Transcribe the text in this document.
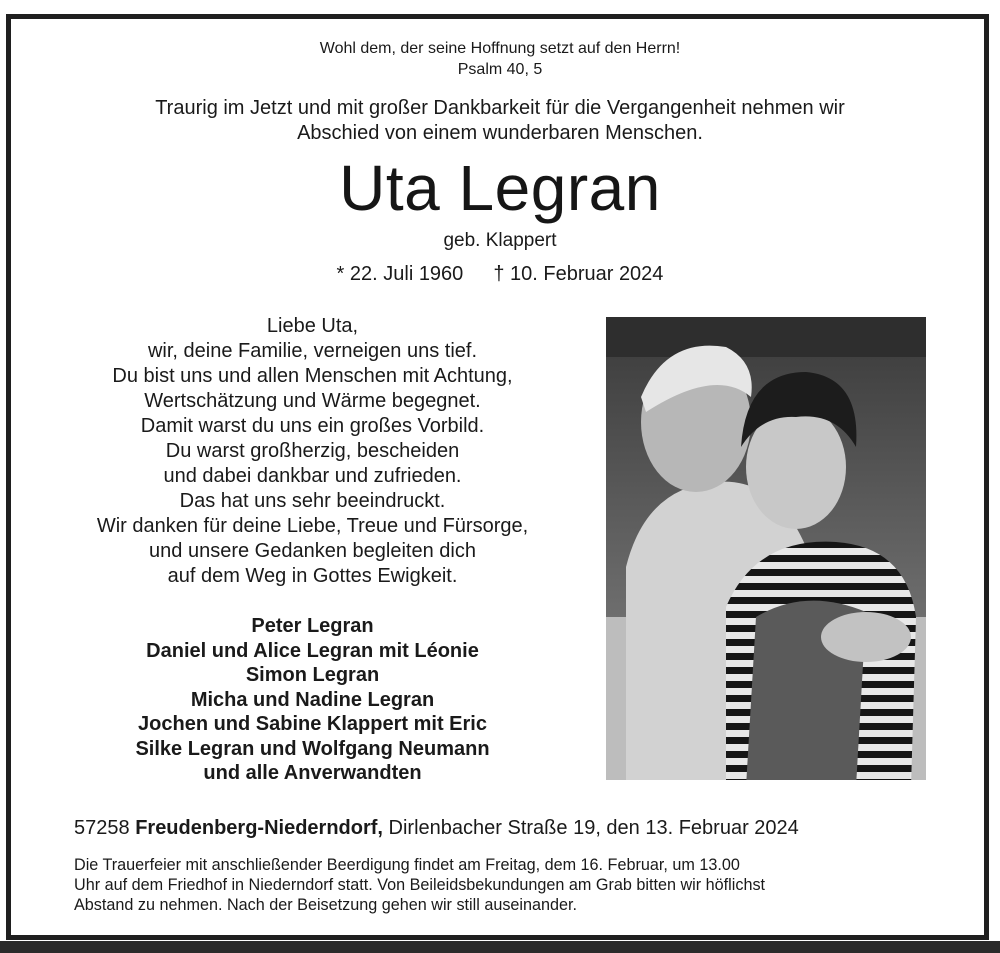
Wohl dem, der seine Hoffnung setzt auf den Herrn!
Psalm 40, 5
Traurig im Jetzt und mit großer Dankbarkeit für die Vergangenheit nehmen wir
Abschied von einem wunderbaren Menschen.
Uta Legran
geb. Klappert
* 22. Juli 1960 † 10. Februar 2024
Liebe Uta,
wir, deine Familie, verneigen uns tief.
Du bist uns und allen Menschen mit Achtung,
Wertschätzung und Wärme begegnet.
Damit warst du uns ein großes Vorbild.
Du warst großherzig, bescheiden
und dabei dankbar und zufrieden.
Das hat uns sehr beeindruckt.
Wir danken für deine Liebe, Treue und Fürsorge,
und unsere Gedanken begleiten dich
auf dem Weg in Gottes Ewigkeit.
Peter Legran
Daniel und Alice Legran mit Léonie
Simon Legran
Micha und Nadine Legran
Jochen und Sabine Klappert mit Eric
Silke Legran und Wolfgang Neumann
und alle Anverwandten
57258 Freudenberg-Niederndorf, Dirlenbacher Straße 19, den 13. Februar 2024
Die Trauerfeier mit anschließender Beerdigung findet am Freitag, dem 16. Februar, um 13.00
Uhr auf dem Friedhof in Niederndorf statt. Von Beileidsbekundungen am Grab bitten wir höflichst
Abstand zu nehmen. Nach der Beisetzung gehen wir still auseinander.
